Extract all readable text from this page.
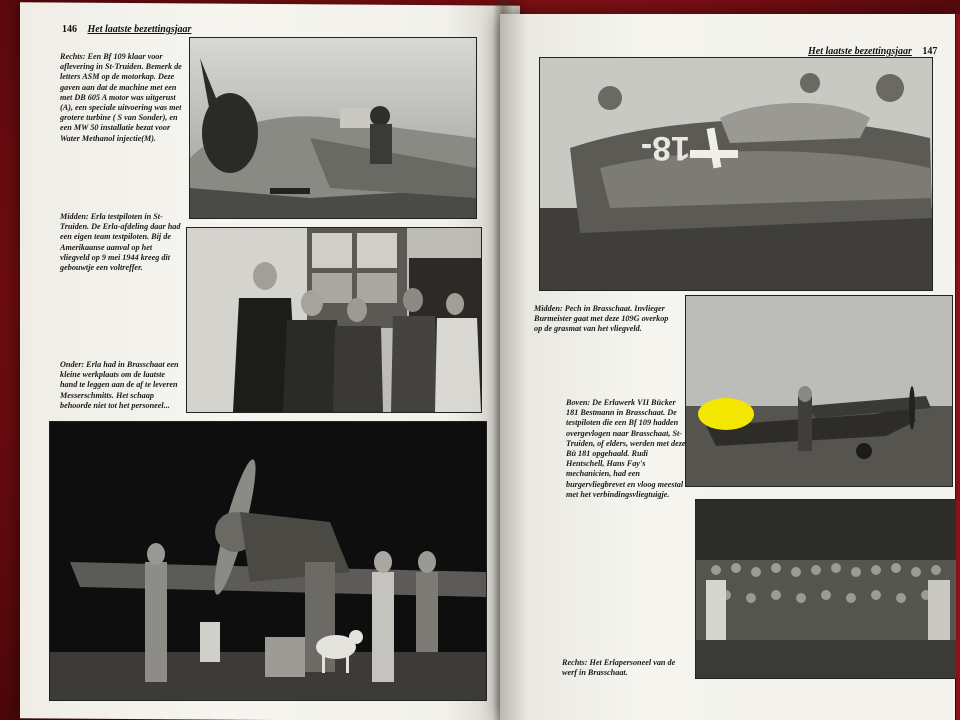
146 Het laatste bezettingsjaar
Rechts: Een Bf 109 klaar voor aflevering in St-Truiden. Bemerk de letters ASM op de motorkap. Deze gaven aan dat de machine met een met DB 605 A motor was uitgerust (A), een speciale uitvoering was met grotere turbine ( S van Sonder), en een MW 50 installatie bezat voor Water Methanol injectie(M).
Midden: Erla testpiloten in St-Truiden. De Erla-afdeling daar had een eigen team testpiloten. Bij de Amerikaanse aanval op het vliegveld op 9 mei 1944 kreeg dit gebouwtje een voltreffer.
Onder: Erla had in Brasschaat een kleine werkplaats om de laatste hand te leggen aan de af te leveren Messerschmitts. Het schaap behoorde niet tot het personeel...
Het laatste bezettingsjaar 147
18-
Midden: Pech in Brasschaat. Invlieger Burmeister gaat met deze 109G overkop op de grasmat van het vliegveld.
Boven: De Erlawerk VII Bücker 181 Bestmann in Brasschaat. De testpiloten die een Bf 109 hadden overgevlogen naar Brasschaat, St-Truiden, of elders, werden met deze Bü 181 opgehaald. Rudi Hentschell, Hans Fay's mechanicien, had een burgervliegbrevet en vloog meestal met het verbindingsvliegtuigje.
Rechts: Het Erlapersoneel van de werf in Brasschaat.
